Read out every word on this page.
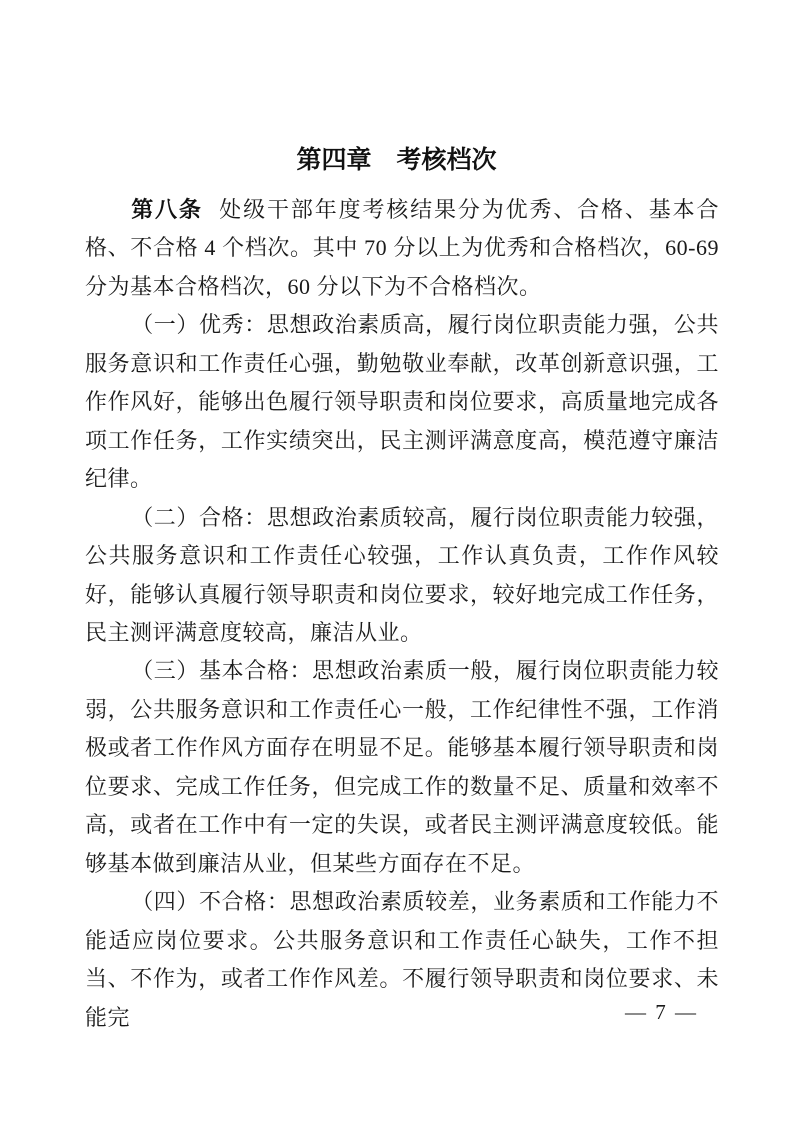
第四章　考核档次

第八条 处级干部年度考核结果分为优秀、合格、基本合格、不合格 4 个档次。其中 70 分以上为优秀和合格档次，60-69 分为基本合格档次，60 分以下为不合格档次。

（一）优秀：思想政治素质高，履行岗位职责能力强，公共服务意识和工作责任心强，勤勉敬业奉献，改革创新意识强，工作作风好，能够出色履行领导职责和岗位要求，高质量地完成各项工作任务，工作实绩突出，民主测评满意度高，模范遵守廉洁纪律。

（二）合格：思想政治素质较高，履行岗位职责能力较强，公共服务意识和工作责任心较强，工作认真负责，工作作风较好，能够认真履行领导职责和岗位要求，较好地完成工作任务，民主测评满意度较高，廉洁从业。

（三）基本合格：思想政治素质一般，履行岗位职责能力较弱，公共服务意识和工作责任心一般，工作纪律性不强，工作消极或者工作作风方面存在明显不足。能够基本履行领导职责和岗位要求、完成工作任务，但完成工作的数量不足、质量和效率不高，或者在工作中有一定的失误，或者民主测评满意度较低。能够基本做到廉洁从业，但某些方面存在不足。

（四）不合格：思想政治素质较差，业务素质和工作能力不能适应岗位要求。公共服务意识和工作责任心缺失，工作不担当、不作为，或者工作作风差。不履行领导职责和岗位要求、未能完	— 7 —
